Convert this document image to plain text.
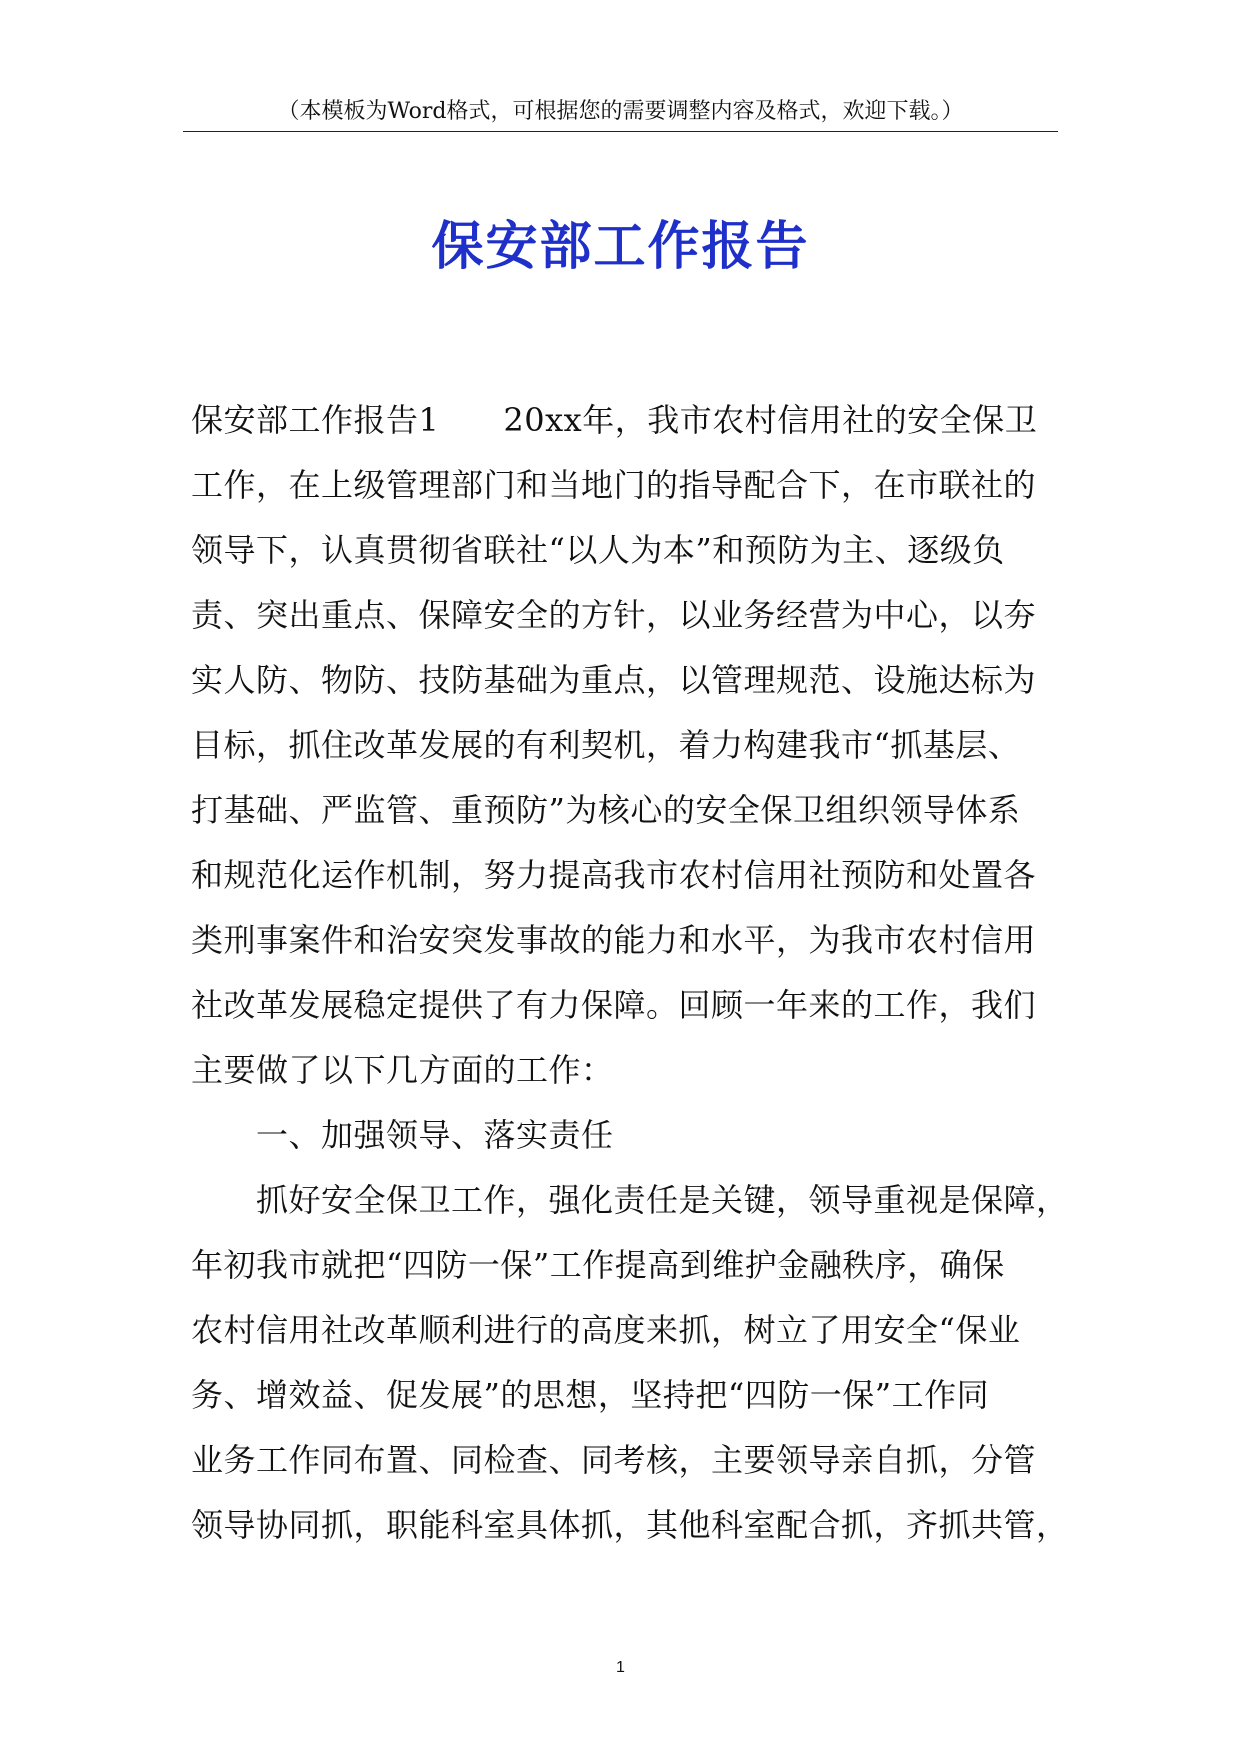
（本模板为Word格式，可根据您的需要调整内容及格式，欢迎下载。）
保安部工作报告
保安部工作报告1 20xx年，我市农村信用社的安全保卫
工作，在上级管理部门和当地门的指导配合下，在市联社的
领导下，认真贯彻省联社“以人为本”和预防为主、逐级负
责、突出重点、保障安全的方针，以业务经营为中心，以夯
实人防、物防、技防基础为重点，以管理规范、设施达标为
目标，抓住改革发展的有利契机，着力构建我市“抓基层、
打基础、严监管、重预防”为核心的安全保卫组织领导体系
和规范化运作机制，努力提高我市农村信用社预防和处置各
类刑事案件和治安突发事故的能力和水平，为我市农村信用
社改革发展稳定提供了有力保障。回顾一年来的工作，我们
主要做了以下几方面的工作：
一、加强领导、落实责任
抓好安全保卫工作，强化责任是关键，领导重视是保障，
年初我市就把“四防一保”工作提高到维护金融秩序，确保
农村信用社改革顺利进行的高度来抓，树立了用安全“保业
务、增效益、促发展”的思想，坚持把“四防一保”工作同
业务工作同布置、同检查、同考核，主要领导亲自抓，分管
领导协同抓，职能科室具体抓，其他科室配合抓，齐抓共管，
1
